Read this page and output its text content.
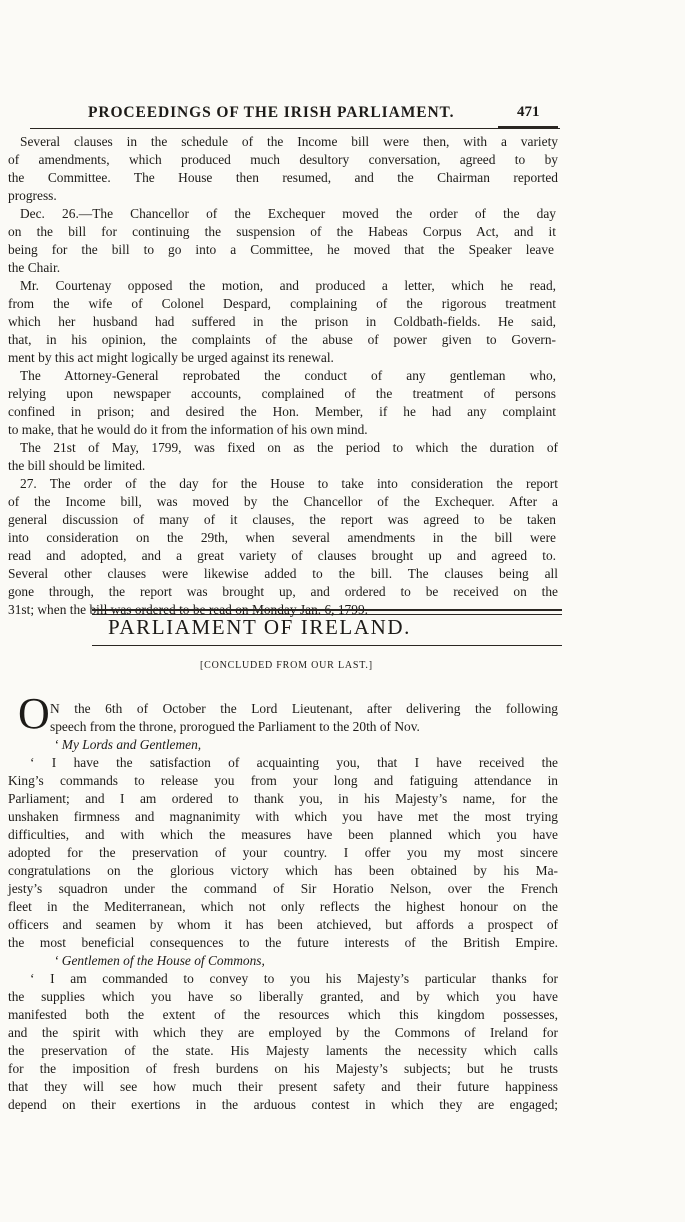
PROCEEDINGS OF THE IRISH PARLIAMENT.	471
Several clauses in the schedule of the Income bill were then, with a variety
of amendments, which produced much desultory conversation, agreed to by
the Committee. The House then resumed, and the Chairman reported
progress.
Dec. 26.—The Chancellor of the Exchequer moved the order of the day
on the bill for continuing the suspension of the Habeas Corpus Act, and it
being for the bill to go into a Committee, he moved that the Speaker leave
the Chair.
Mr. Courtenay opposed the motion, and produced a letter, which he read,
from the wife of Colonel Despard, complaining of the rigorous treatment
which her husband had suffered in the prison in Coldbath-fields. He said,
that, in his opinion, the complaints of the abuse of power given to Govern-
ment by this act might logically be urged against its renewal.
The Attorney-General reprobated the conduct of any gentleman who,
relying upon newspaper accounts, complained of the treatment of persons
confined in prison; and desired the Hon. Member, if he had any complaint
to make, that he would do it from the information of his own mind.
The 21st of May, 1799, was fixed on as the period to which the duration of
the bill should be limited.
27. The order of the day for the House to take into consideration the report
of the Income bill, was moved by the Chancellor of the Exchequer. After a
general discussion of many of it clauses, the report was agreed to be taken
into consideration on the 29th, when several amendments in the bill were
read and adopted, and a great variety of clauses brought up and agreed to.
Several other clauses were likewise added to the bill. The clauses being all
gone through, the report was brought up, and ordered to be received on the
31st; when the bill was ordered to be read on Monday Jan. 6, 1799.
PARLIAMENT OF IRELAND.
[CONCLUDED FROM OUR LAST.]
O N the 6th of October the Lord Lieutenant, after delivering the following
speech from the throne, prorogued the Parliament to the 20th of Nov.
‘ My Lords and Gentlemen,
‘ I have the satisfaction of acquainting you, that I have received the
King’s commands to release you from your long and fatiguing attendance in
Parliament; and I am ordered to thank you, in his Majesty’s name, for the
unshaken firmness and magnanimity with which you have met the most trying
difficulties, and with which the measures have been planned which you have
adopted for the preservation of your country. I offer you my most sincere
congratulations on the glorious victory which has been obtained by his Ma-
jesty’s squadron under the command of Sir Horatio Nelson, over the French
fleet in the Mediterranean, which not only reflects the highest honour on the
officers and seamen by whom it has been atchieved, but affords a prospect of
the most beneficial consequences to the future interests of the British Empire.
‘ Gentlemen of the House of Commons,
‘ I am commanded to convey to you his Majesty’s particular thanks for
the supplies which you have so liberally granted, and by which you have
manifested both the extent of the resources which this kingdom possesses,
and the spirit with which they are employed by the Commons of Ireland for
the preservation of the state. His Majesty laments the necessity which calls
for the imposition of fresh burdens on his Majesty’s subjects; but he trusts
that they will see how much their present safety and their future happiness
depend on their exertions in the arduous contest in which they are engaged;
